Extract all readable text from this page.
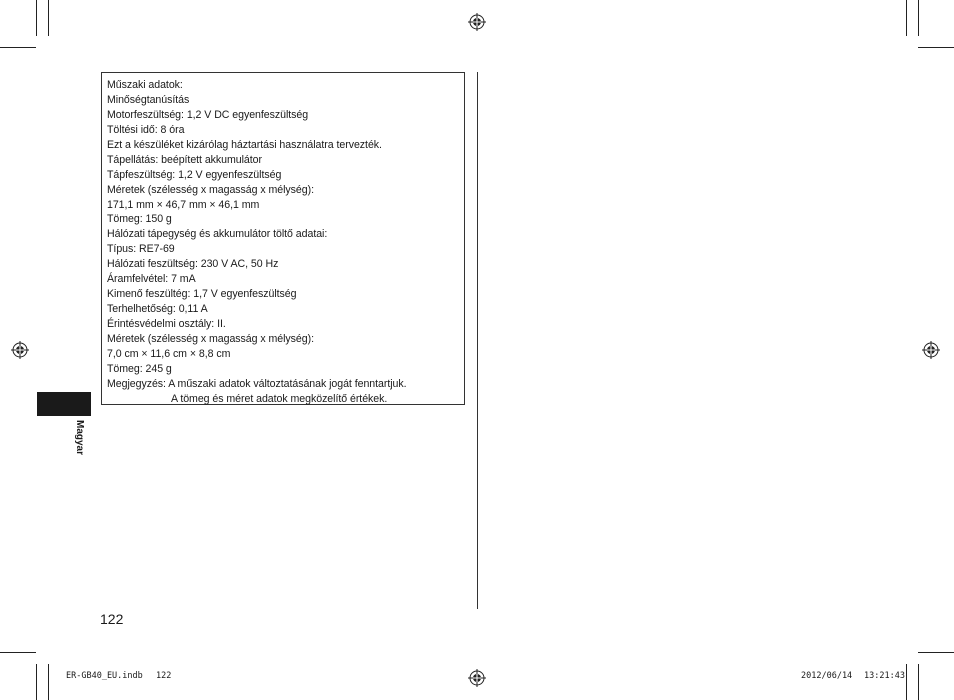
Műszaki adatok:
Minőségtanúsítás
Motorfeszültség: 1,2 V DC egyenfeszültség
Töltési idő: 8 óra
Ezt a készüléket kizárólag háztartási használatra tervezték.
Tápellátás: beépített akkumulátor
Tápfeszültség: 1,2 V egyenfeszültség
Méretek (szélesség x magasság x mélység):
171,1 mm × 46,7 mm × 46,1 mm
Tömeg: 150 g
Hálózati tápegység és akkumulátor töltő adatai:
Típus: RE7-69
Hálózati feszültség: 230 V AC, 50 Hz
Áramfelvétel: 7 mA
Kimenő feszültég: 1,7 V egyenfeszültség
Terhelhetőség: 0,11 A
Érintésvédelmi osztály: II.
Méretek (szélesség x magasság x mélység):
7,0 cm × 11,6 cm × 8,8 cm
Tömeg: 245 g
Megjegyzés: A műszaki adatok változtatásának jogát fenntartjuk.
A tömeg és méret adatok megközelítő értékek.
Magyar
122
ER-GB40_EU.indb 122	2012/06/14 13:21:43
